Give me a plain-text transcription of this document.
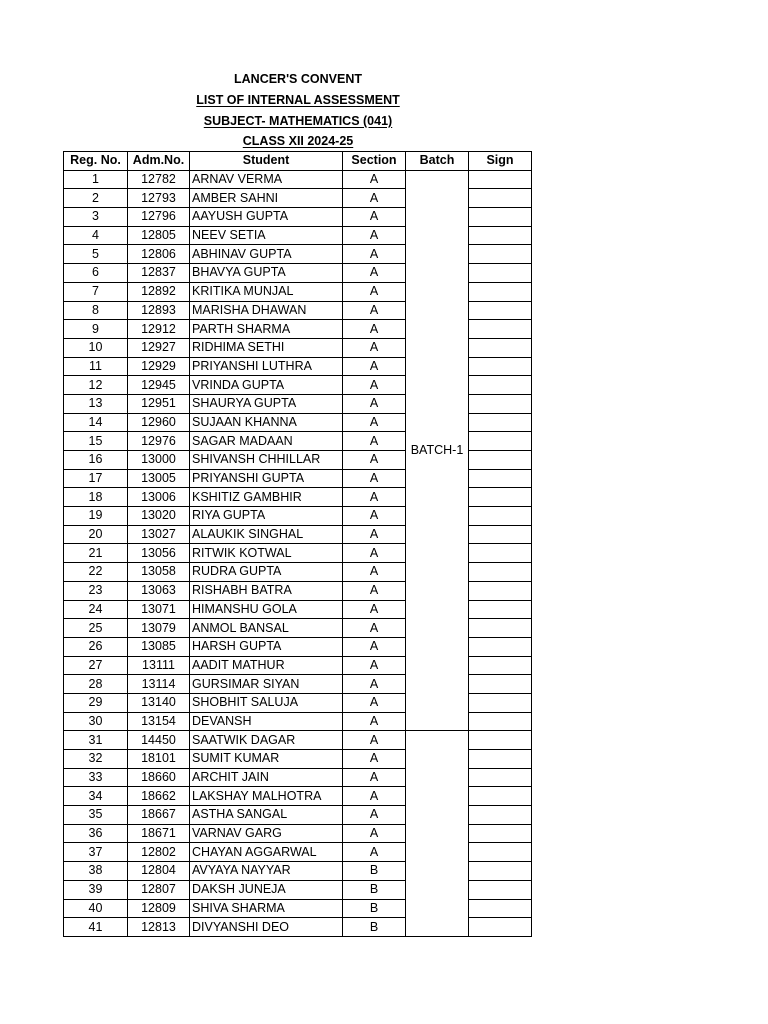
LANCER'S CONVENT
LIST OF INTERNAL ASSESSMENT
SUBJECT- MATHEMATICS (041)
CLASS XII 2024-25
Reg. No.	Adm.No.	Student	Section	Batch	Sign
1	12782	ARNAV VERMA	A	BATCH-1	
2	12793	AMBER SAHNI	A		
3	12796	AAYUSH GUPTA	A		
4	12805	NEEV SETIA	A		
5	12806	ABHINAV GUPTA	A		
6	12837	BHAVYA GUPTA	A		
7	12892	KRITIKA MUNJAL	A		
8	12893	MARISHA DHAWAN	A		
9	12912	PARTH SHARMA	A		
10	12927	RIDHIMA SETHI	A		
11	12929	PRIYANSHI LUTHRA	A		
12	12945	VRINDA GUPTA	A		
13	12951	SHAURYA GUPTA	A		
14	12960	SUJAAN KHANNA	A		
15	12976	SAGAR MADAAN	A		
16	13000	SHIVANSH CHHILLAR	A		
17	13005	PRIYANSHI GUPTA	A		
18	13006	KSHITIZ GAMBHIR	A		
19	13020	RIYA GUPTA	A		
20	13027	ALAUKIK SINGHAL	A		
21	13056	RITWIK KOTWAL	A		
22	13058	RUDRA GUPTA	A		
23	13063	RISHABH BATRA	A		
24	13071	HIMANSHU GOLA	A		
25	13079	ANMOL BANSAL	A		
26	13085	HARSH GUPTA	A		
27	13111	AADIT MATHUR	A		
28	13114	GURSIMAR SIYAN	A		
29	13140	SHOBHIT SALUJA	A		
30	13154	DEVANSH	A		
31	14450	SAATWIK DAGAR	A		
32	18101	SUMIT KUMAR	A		
33	18660	ARCHIT JAIN	A		
34	18662	LAKSHAY MALHOTRA	A		
35	18667	ASTHA SANGAL	A		
36	18671	VARNAV GARG	A		
37	12802	CHAYAN AGGARWAL	A		
38	12804	AVYAYA NAYYAR	B		
39	12807	DAKSH JUNEJA	B		
40	12809	SHIVA SHARMA	B		
41	12813	DIVYANSHI DEO	B		
